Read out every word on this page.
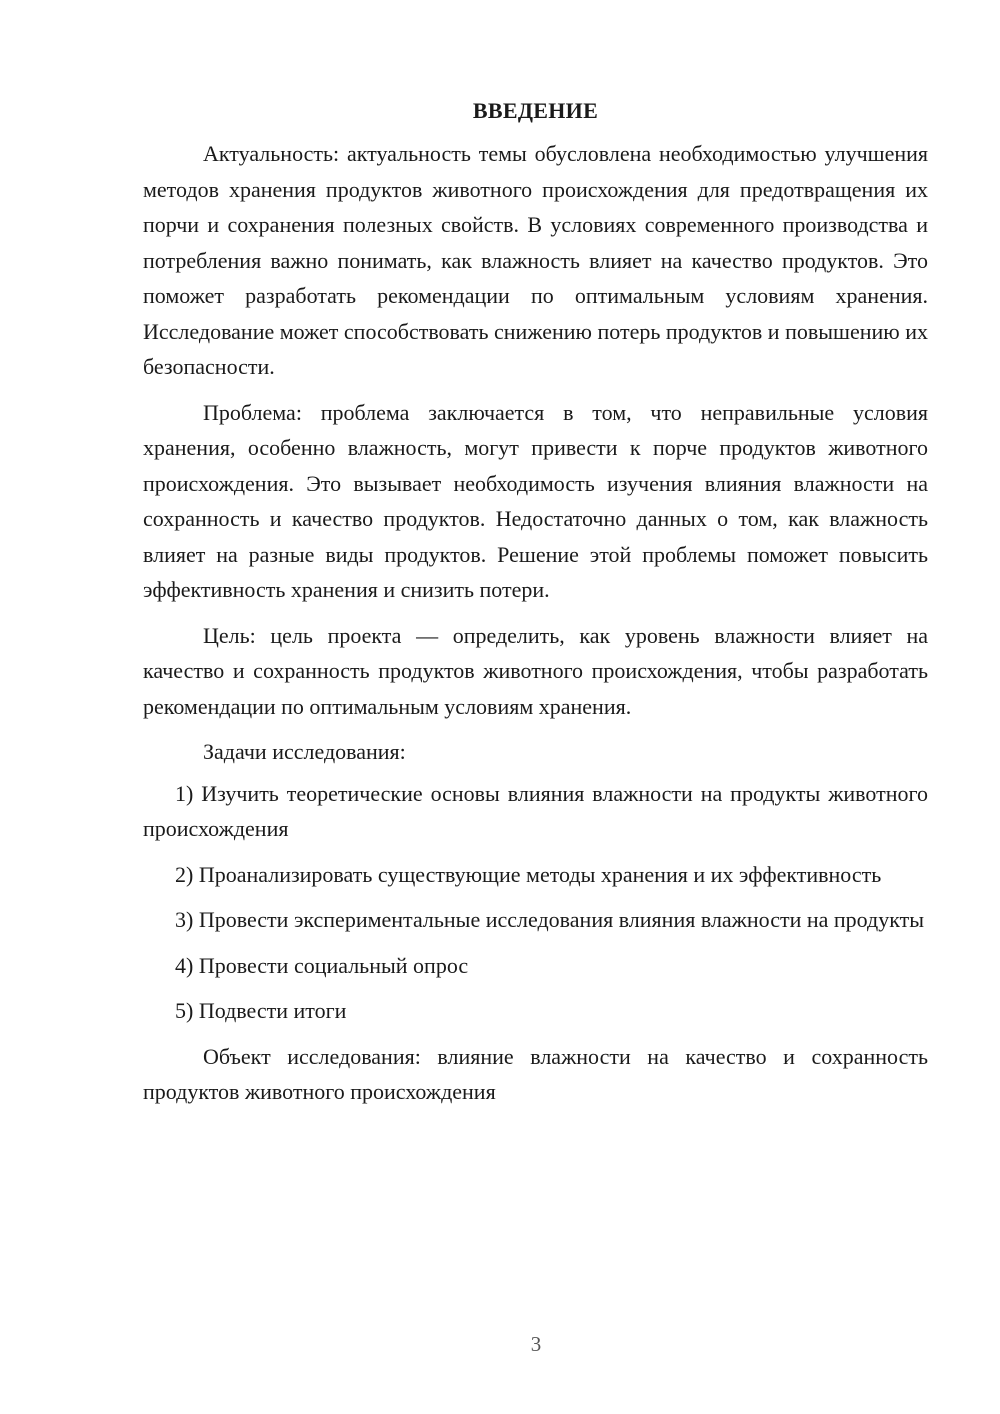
ВВЕДЕНИЕ

Актуальность: актуальность темы обусловлена необходимостью улучшения методов хранения продуктов животного происхождения для предотвращения их порчи и сохранения полезных свойств. В условиях современного производства и потребления важно понимать, как влажность влияет на качество продуктов. Это поможет разработать рекомендации по оптимальным условиям хранения. Исследование может способствовать снижению потерь продуктов и повышению их безопасности.

Проблема: проблема заключается в том, что неправильные условия хранения, особенно влажность, могут привести к порче продуктов животного происхождения. Это вызывает необходимость изучения влияния влажности на сохранность и качество продуктов. Недостаточно данных о том, как влажность влияет на разные виды продуктов. Решение этой проблемы поможет повысить эффективность хранения и снизить потери.

Цель: цель проекта — определить, как уровень влажности влияет на качество и сохранность продуктов животного происхождения, чтобы разработать рекомендации по оптимальным условиям хранения.

Задачи исследования:

1) Изучить теоретические основы влияния влажности на продукты животного происхождения

2) Проанализировать существующие методы хранения и их эффективность

3) Провести экспериментальные исследования влияния влажности на продукты

4) Провести социальный опрос

5) Подвести итоги

Объект исследования: влияние влажности на качество и сохранность продуктов животного происхождения

3
